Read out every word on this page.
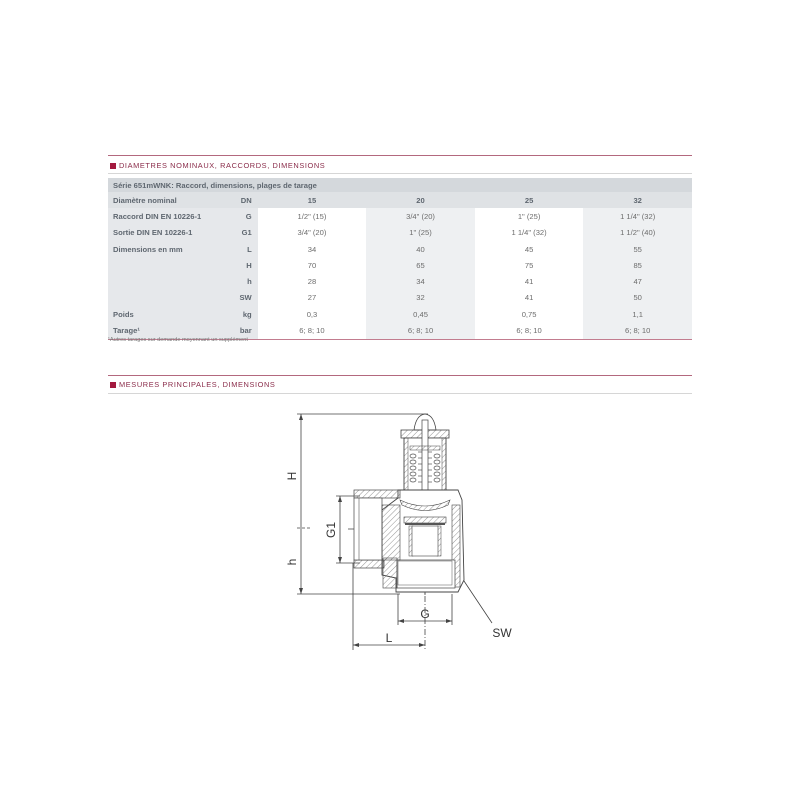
DIAMETRES NOMINAUX, RACCORDS, DIMENSIONS
Série 651mWNK: Raccord, dimensions, plages de tarage					
Diamètre nominal	DN	15	20	25	32
Raccord DIN EN 10226-1	G	1/2" (15)	3/4" (20)	1" (25)	1 1/4" (32)
Sortie DIN EN 10226-1	G1	3/4" (20)	1" (25)	1 1/4" (32)	1 1/2" (40)
Dimensions en mm	L	34	40	45	55
	H	70	65	75	85
	h	28	34	41	47
	SW	27	32	41	50
Poids	kg	0,3	0,45	0,75	1,1
Tarage¹	bar	6; 8; 10	6; 8; 10	6; 8; 10	6; 8; 10
¹Autres tarages sur demande moyennant un supplément
MESURES PRINCIPALES, DIMENSIONS
H
h
G1
G
L	SW
